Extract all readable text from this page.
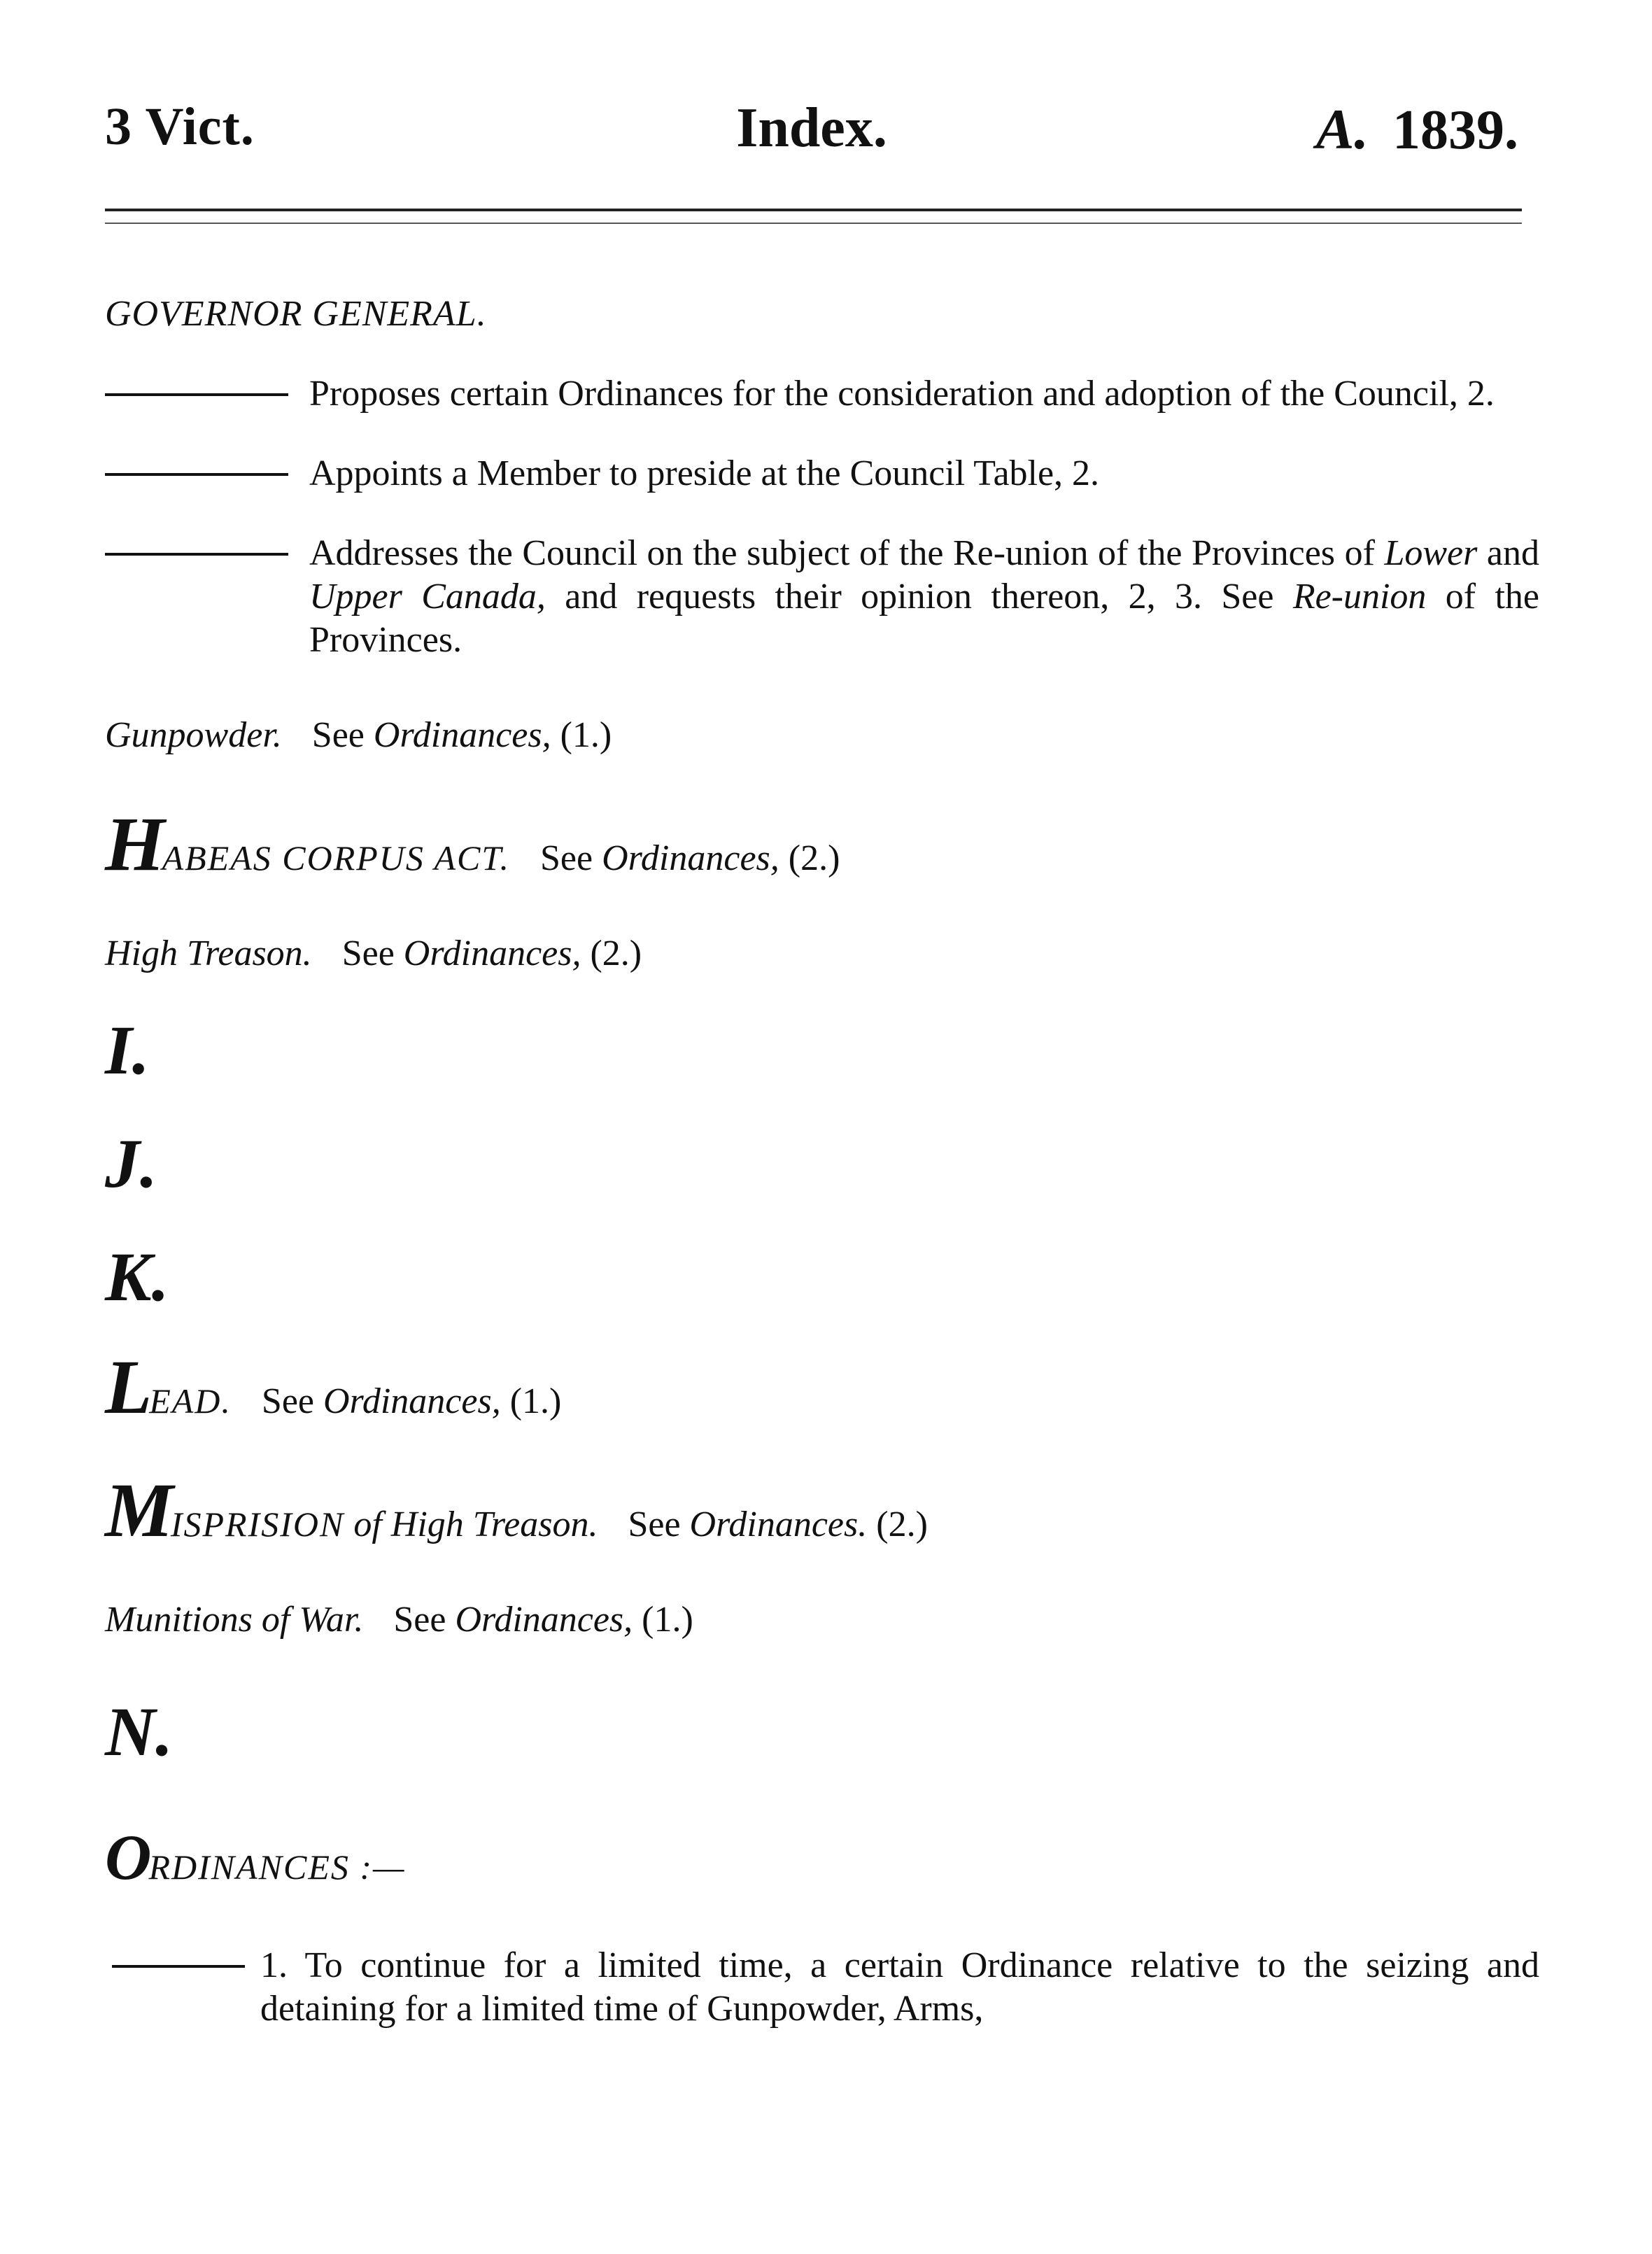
3 Vict.	Index.	A. 1839.
GOVERNOR GENERAL.
Proposes certain Ordinances for the consideration and adoption of the Council, 2.
Appoints a Member to preside at the Council Table, 2.
Addresses the Council on the subject of the Re-union of the Provinces of Lower and Upper Canada, and requests their opinion thereon, 2, 3. See Re-union of the Provinces.
Gunpowder. See Ordinances, (1.)
HABEAS CORPUS ACT. See Ordinances, (2.)
High Treason. See Ordinances, (2.)
I.
J.
K.
LEAD. See Ordinances, (1.)
MISPRISION of High Treason. See Ordinances. (2.)
Munitions of War. See Ordinances, (1.)
N.
ORDINANCES :—
1. To continue for a limited time, a certain Ordinance relative to the seizing and detaining for a limited time of Gunpowder, Arms,
